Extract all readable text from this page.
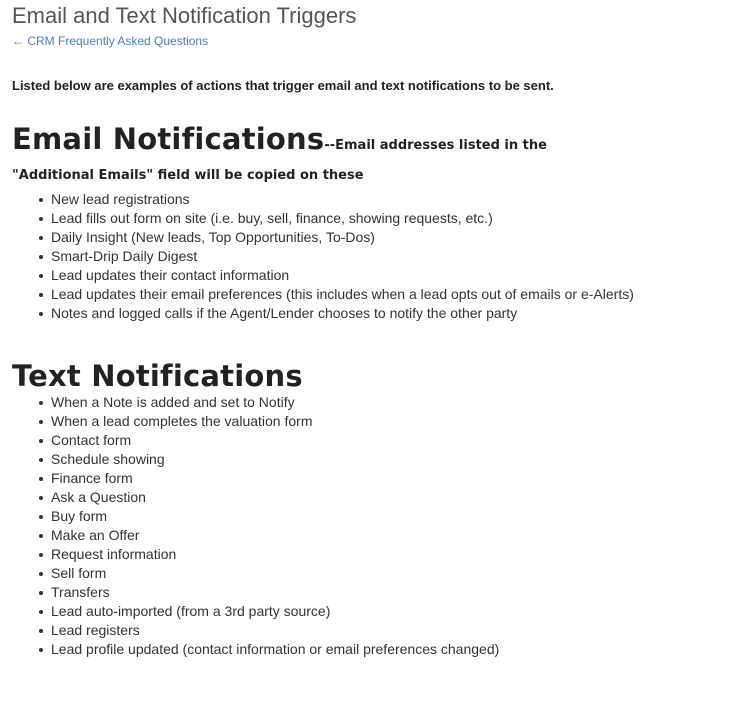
Email and Text Notification Triggers
← CRM Frequently Asked Questions

Listed below are examples of actions that trigger email and text notifications to be sent.

Email Notifications--Email addresses listed in the
"Additional Emails" field will be copied on these
New lead registrations
Lead fills out form on site (i.e. buy, sell, finance, showing requests, etc.)
Daily Insight (New leads, Top Opportunities, To-Dos)
Smart-Drip Daily Digest
Lead updates their contact information
Lead updates their email preferences (this includes when a lead opts out of emails or e-Alerts)
Notes and logged calls if the Agent/Lender chooses to notify the other party
Text Notifications
When a Note is added and set to Notify
When a lead completes the valuation form
Contact form
Schedule showing
Finance form
Ask a Question
Buy form
Make an Offer
Request information
Sell form
Transfers
Lead auto-imported (from a 3rd party source)
Lead registers
Lead profile updated (contact information or email preferences changed)
